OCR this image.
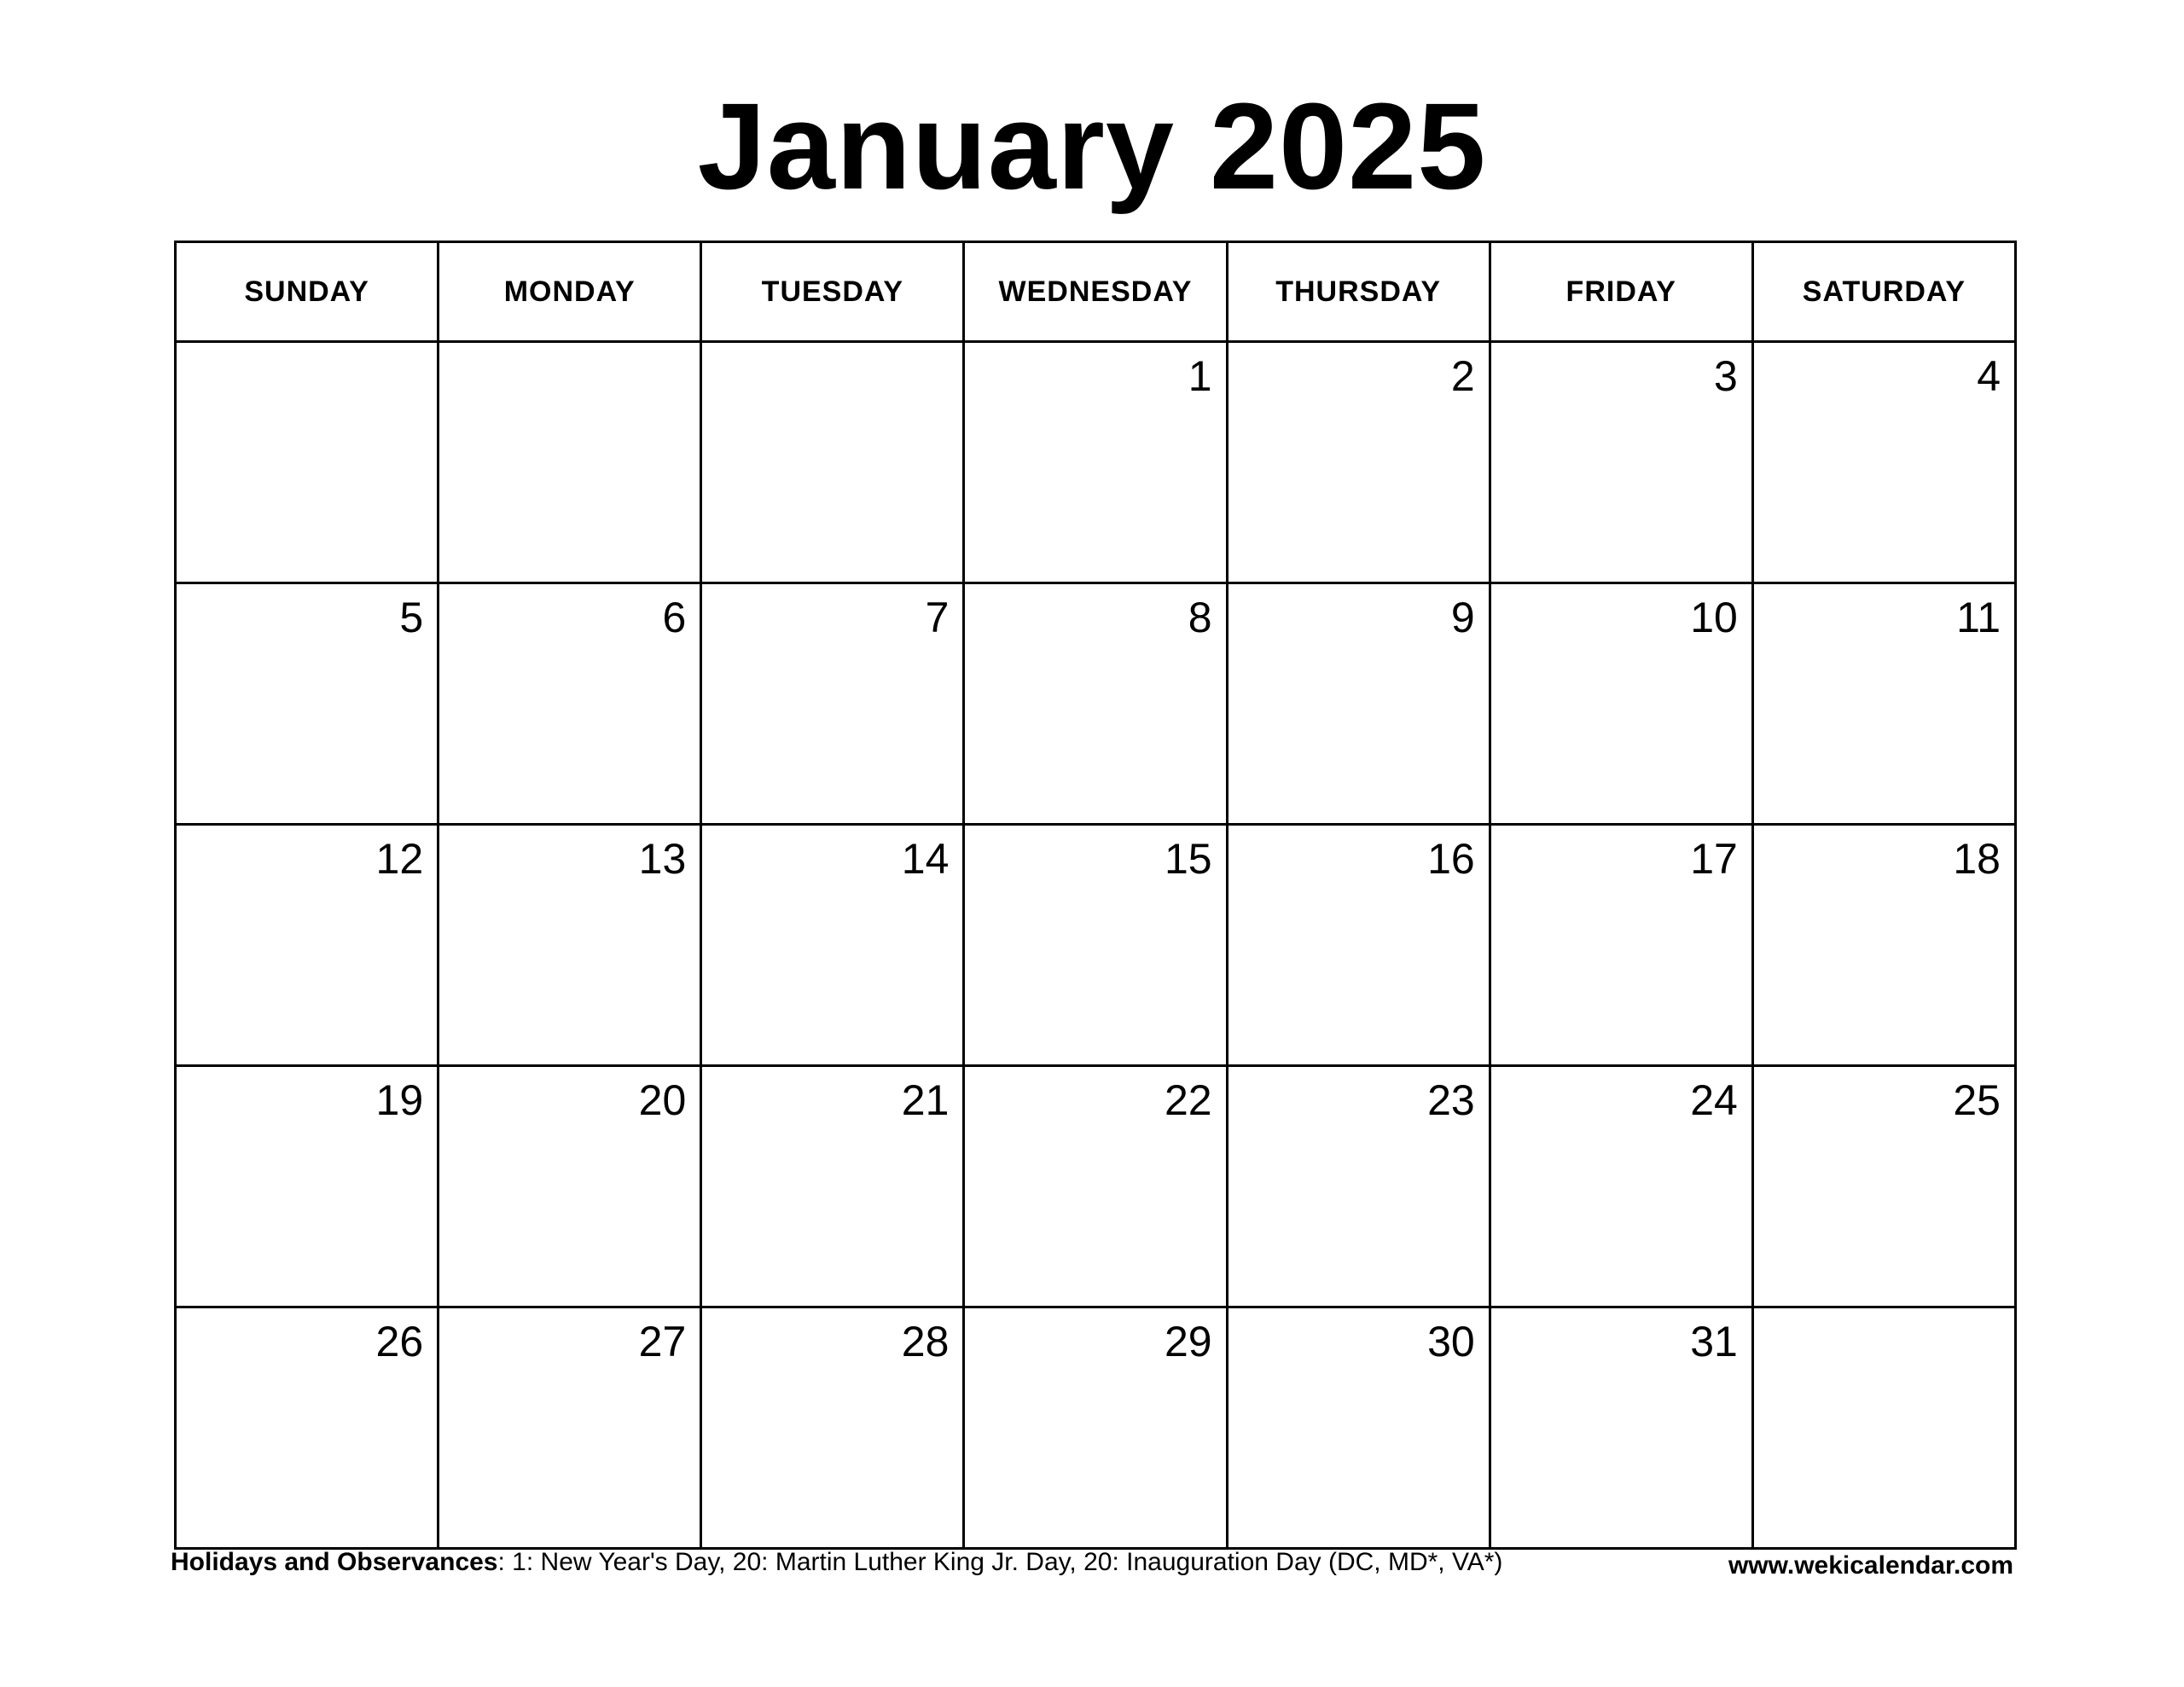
January 2025
SUNDAY	MONDAY	TUESDAY	WEDNESDAY	THURSDAY	FRIDAY	SATURDAY

			1	2	3	4

5	6	7	8	9	10	11

12	13	14	15	16	17	18

19	20	21	22	23	24	25

26	27	28	29	30	31	

Holidays and Observances: 1: New Year's Day, 20: Martin Luther King Jr. Day, 20: Inauguration Day (DC, MD*, VA*)	www.wekicalendar.com
